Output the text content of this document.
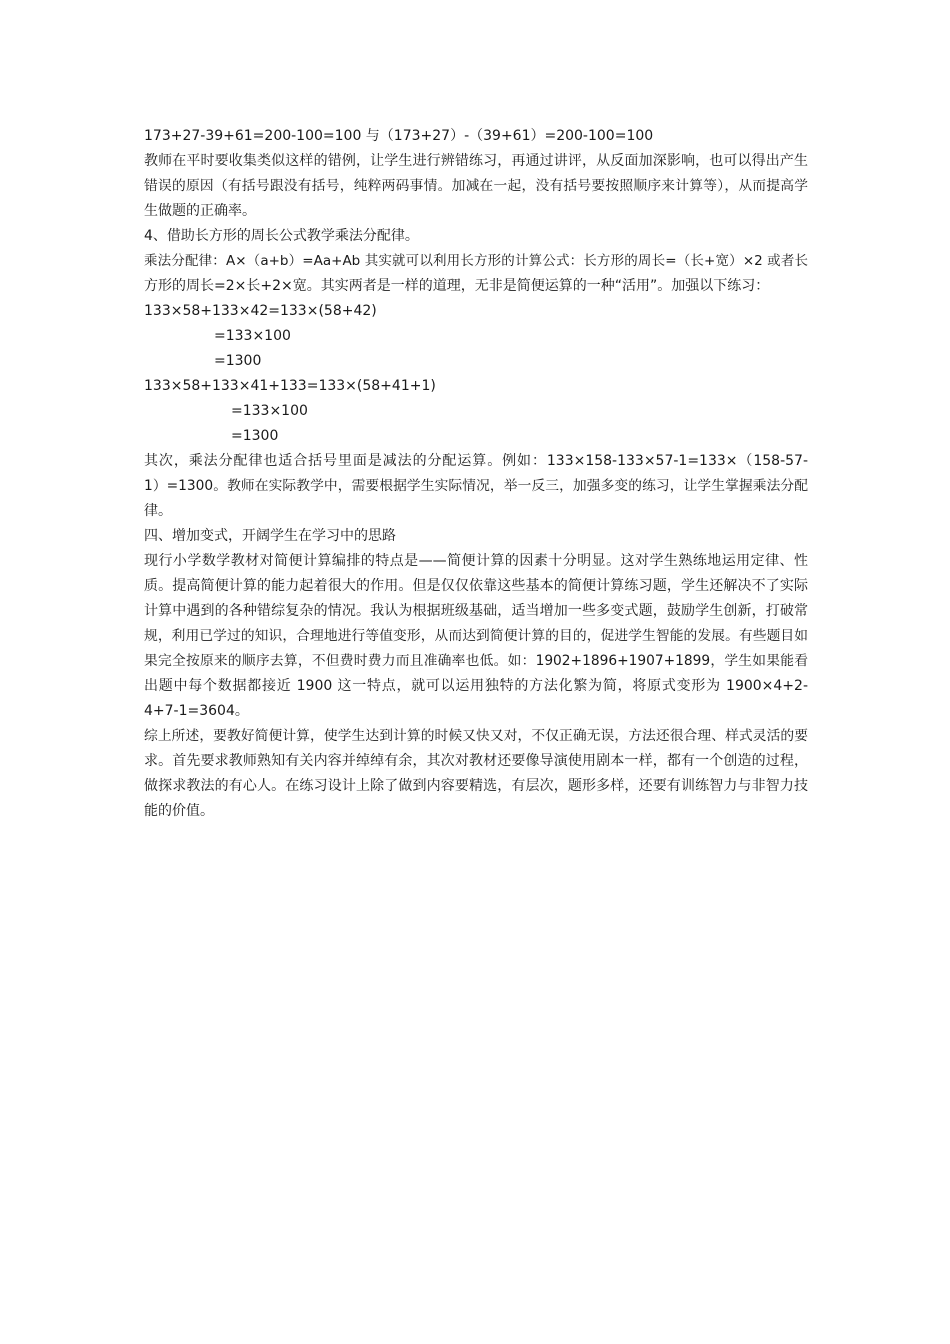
173+27-39+61=200-100=100 与（173+27）-（39+61）=200-100=100
教师在平时要收集类似这样的错例，让学生进行辨错练习，再通过讲评，从反面加深影响，也可以得出产生
错误的原因（有括号跟没有括号，纯粹两码事情。加减在一起，没有括号要按照顺序来计算等），从而提高学
生做题的正确率。
4、借助长方形的周长公式教学乘法分配律。
乘法分配律：A×（a+b）=Aa+Ab 其实就可以利用长方形的计算公式：长方形的周长=（长+宽）×2 或者长
方形的周长=2×长+2×宽。其实两者是一样的道理，无非是简便运算的一种“活用”。加强以下练习：
133×58+133×42=133×(58+42)
=133×100
=1300
133×58+133×41+133=133×(58+41+1)
=133×100
=1300
其次，乘法分配律也适合括号里面是减法的分配运算。例如：133×158-133×57-1=133×（158-57-
1）=1300。教师在实际教学中，需要根据学生实际情况，举一反三，加强多变的练习，让学生掌握乘法分配
律。
四、增加变式，开阔学生在学习中的思路
现行小学数学教材对简便计算编排的特点是——简便计算的因素十分明显。这对学生熟练地运用定律、性
质。提高简便计算的能力起着很大的作用。但是仅仅依靠这些基本的简便计算练习题，学生还解决不了实际
计算中遇到的各种错综复杂的情况。我认为根据班级基础，适当增加一些多变式题，鼓励学生创新，打破常
规，利用已学过的知识，合理地进行等值变形，从而达到简便计算的目的，促进学生智能的发展。有些题目如
果完全按原来的顺序去算，不但费时费力而且准确率也低。如：1902+1896+1907+1899，学生如果能看
出题中每个数据都接近 1900 这一特点，就可以运用独特的方法化繁为简，将原式变形为 1900×4+2-
4+7-1=3604。
综上所述，要教好简便计算，使学生达到计算的时候又快又对，不仅正确无误，方法还很合理、样式灵活的要
求。首先要求教师熟知有关内容并绰绰有余，其次对教材还要像导演使用剧本一样，都有一个创造的过程，
做探求教法的有心人。在练习设计上除了做到内容要精选，有层次，题形多样，还要有训练智力与非智力技
能的价值。
